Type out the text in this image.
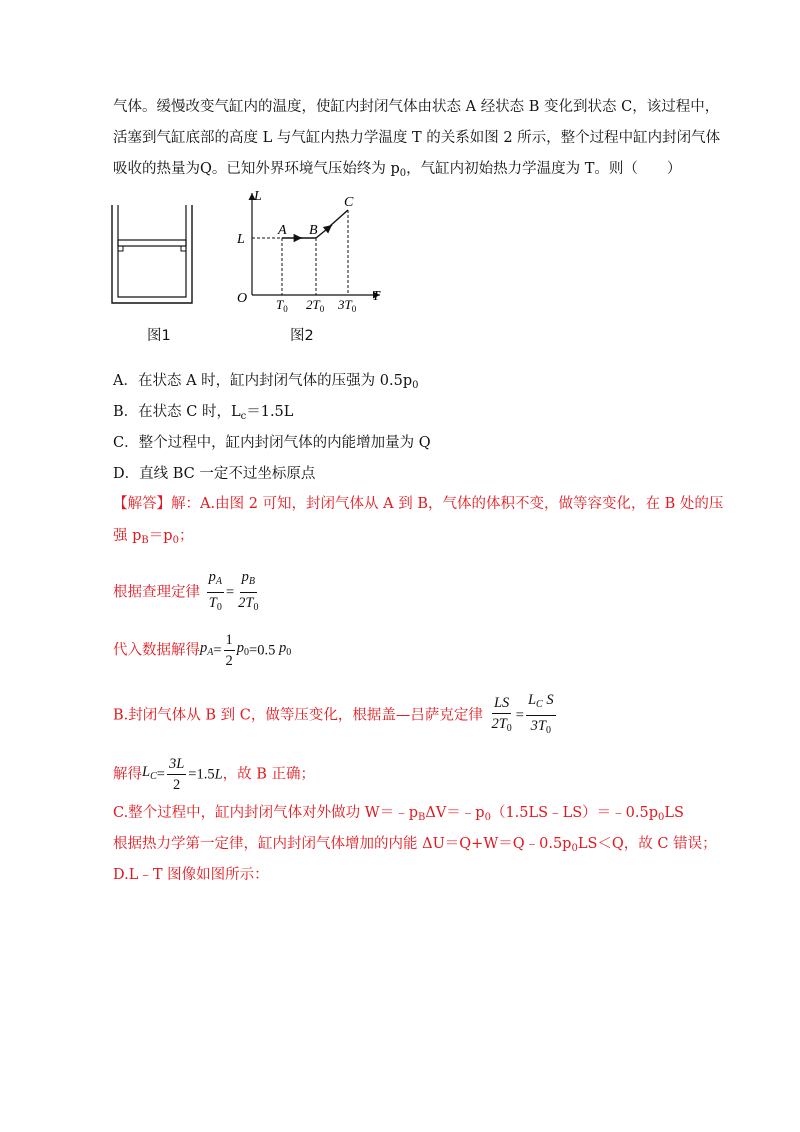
气体。缓慢改变气缸内的温度，使缸内封闭气体由状态 A 经状态 B 变化到状态 C，该过程中，
活塞到气缸底部的高度 L 与气缸内热力学温度 T 的关系如图 2 所示，整个过程中缸内封闭气体
吸收的热量为Q。已知外界环境气压始终为 $p_0$，气缸内初始热力学温度为 T。则（　　）
图1
L
T
O
L
A B
C
$T_0$ $2T_0$ $3T_0$
图2
A．在状态 A 时，缸内封闭气体的压强为 $0.5p_0$
B．在状态 C 时，$L_c=1.5L$
C．整个过程中，缸内封闭气体的内能增加量为 Q
D．直线 BC 一定不过坐标原点
【解答】解：A.由图 2 可知，封闭气体从 A 到 B，气体的体积不变，做等容变化，在 B 处的压
强 $p_B=p_0$；
根据查理定律 $\frac{p_A}{T_0} = \frac{p_B}{2T_0}$
代入数据解得$p_A= \frac{1}{2} p_0=0.5$ $p_0$
B.封闭气体从 B 到 C，做等压变化，根据盖—吕萨克定律 $\frac{LS}{2T_0} = \frac{L_C S}{3T_0}$
解得$L_C= \frac{3L}{2} =1.5L$，故 B 正确；
C.整个过程中，缸内封闭气体对外做功 $W=﹣p_B\Delta V=﹣p_0(1.5LS﹣LS)=﹣0.5p_0LS$
根据热力学第一定律，缸内封闭气体增加的内能 $\Delta U=Q+W=Q﹣0.5p_0LS<Q$，故 C 错误；
D.L﹣T 图像如图所示：
